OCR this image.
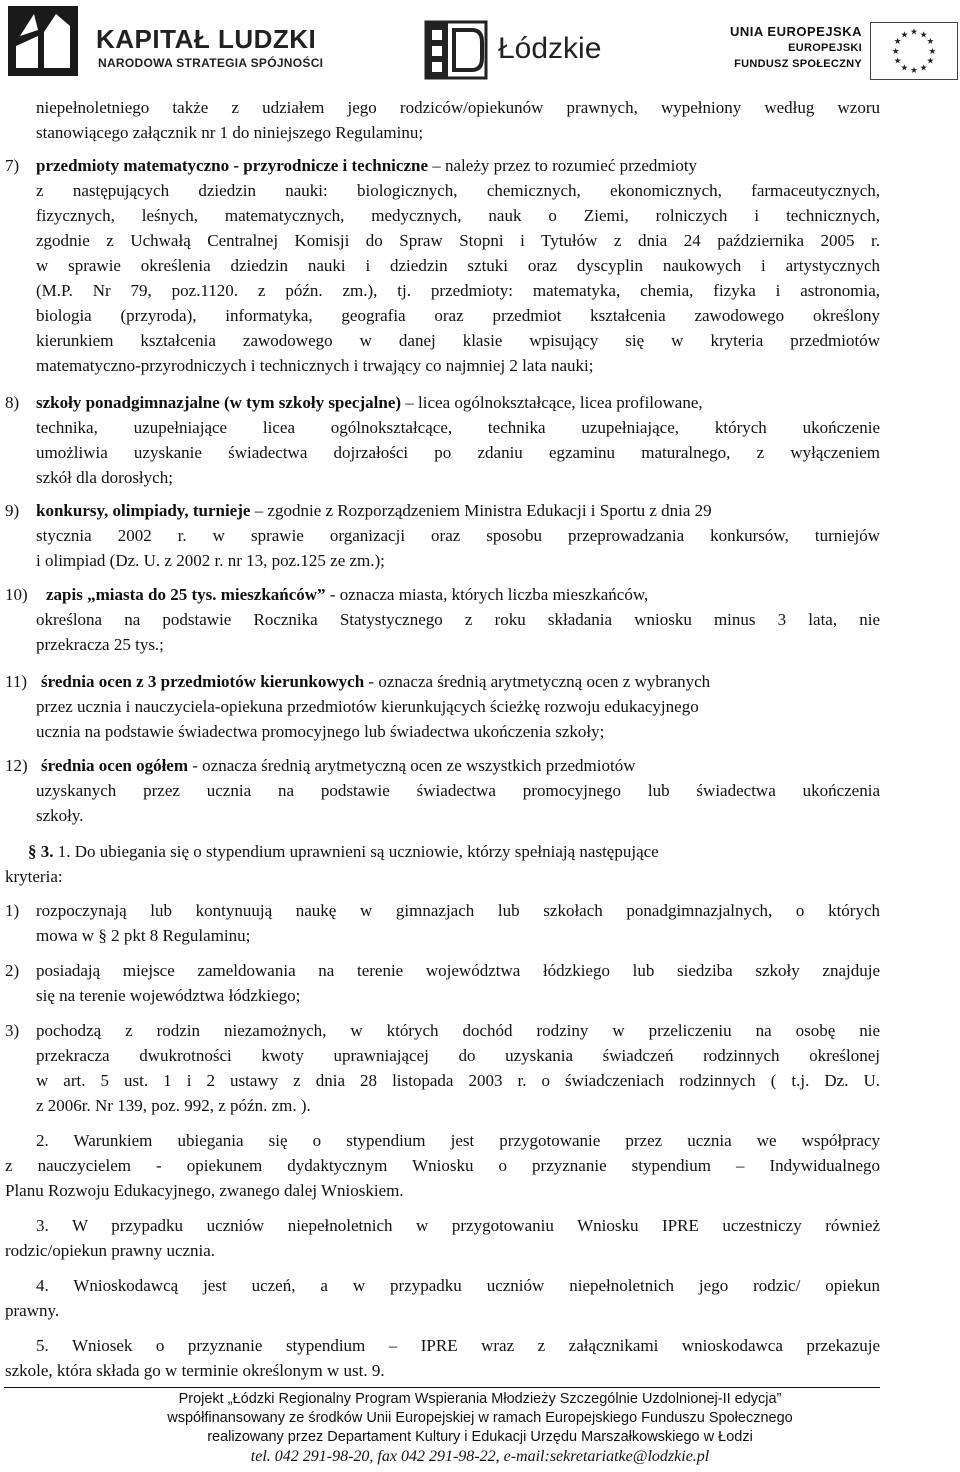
KAPITAŁ LUDZKI
NARODOWA STRATEGIA SPÓJNOŚCI	Łódzkie
UNIA EUROPEJSKA
EUROPEJSKI
FUNDUSZ SPOŁECZNY
★ ★
★
★
★
★
★
★
★
★
★
★
niepełnoletniego także z udziałem jego rodziców/opiekunów prawnych, wypełniony według wzoru
stanowiącego załącznik nr 1 do niniejszego Regulaminu;
7) przedmioty matematyczno - przyrodnicze i techniczne – należy przez to rozumieć przedmioty
z następujących dziedzin nauki: biologicznych, chemicznych, ekonomicznych, farmaceutycznych,
fizycznych, leśnych, matematycznych, medycznych, nauk o Ziemi, rolniczych i technicznych,
zgodnie z Uchwałą Centralnej Komisji do Spraw Stopni i Tytułów z dnia 24 października 2005 r.
w sprawie określenia dziedzin nauki i dziedzin sztuki oraz dyscyplin naukowych i artystycznych
(M.P. Nr 79, poz.1120. z późn. zm.), tj. przedmioty: matematyka, chemia, fizyka i astronomia,
biologia (przyroda), informatyka, geografia oraz przedmiot kształcenia zawodowego określony
kierunkiem kształcenia zawodowego w danej klasie wpisujący się w kryteria przedmiotów
matematyczno-przyrodniczych i technicznych i trwający co najmniej 2 lata nauki;
8) szkoły ponadgimnazjalne (w tym szkoły specjalne) – licea ogólnokształcące, licea profilowane,
technika, uzupełniające licea ogólnokształcące, technika uzupełniające, których ukończenie
umożliwia uzyskanie świadectwa dojrzałości po zdaniu egzaminu maturalnego, z wyłączeniem
szkół dla dorosłych;
9) konkursy, olimpiady, turnieje – zgodnie z Rozporządzeniem Ministra Edukacji i Sportu z dnia 29
stycznia 2002 r. w sprawie organizacji oraz sposobu przeprowadzania konkursów, turniejów
i olimpiad (Dz. U. z 2002 r. nr 13, poz.125 ze zm.);
10) zapis „miasta do 25 tys. mieszkańców” - oznacza miasta, których liczba mieszkańców,
określona na podstawie Rocznika Statystycznego z roku składania wniosku minus 3 lata, nie
przekracza 25 tys.;
11) średnia ocen z 3 przedmiotów kierunkowych - oznacza średnią arytmetyczną ocen z wybranych
przez ucznia i nauczyciela-opiekuna przedmiotów kierunkujących ścieżkę rozwoju edukacyjnego
ucznia na podstawie świadectwa promocyjnego lub świadectwa ukończenia szkoły;
12) średnia ocen ogółem - oznacza średnią arytmetyczną ocen ze wszystkich przedmiotów
uzyskanych przez ucznia na podstawie świadectwa promocyjnego lub świadectwa ukończenia
szkoły.
§ 3. 1. Do ubiegania się o stypendium uprawnieni są uczniowie, którzy spełniają następujące
kryteria:
1) rozpoczynają lub kontynuują naukę w gimnazjach lub szkołach ponadgimnazjalnych, o których
mowa w § 2 pkt 8 Regulaminu;
2) posiadają miejsce zameldowania na terenie województwa łódzkiego lub siedziba szkoły znajduje
się na terenie województwa łódzkiego;
3) pochodzą z rodzin niezamożnych, w których dochód rodziny w przeliczeniu na osobę nie
przekracza dwukrotności kwoty uprawniającej do uzyskania świadczeń rodzinnych określonej
w art. 5 ust. 1 i 2 ustawy z dnia 28 listopada 2003 r. o świadczeniach rodzinnych ( t.j. Dz. U.
z 2006r. Nr 139, poz. 992, z późn. zm. ).
2. Warunkiem ubiegania się o stypendium jest przygotowanie przez ucznia we współpracy
z nauczycielem - opiekunem dydaktycznym Wniosku o przyznanie stypendium – Indywidualnego
Planu Rozwoju Edukacyjnego, zwanego dalej Wnioskiem.
3. W przypadku uczniów niepełnoletnich w przygotowaniu Wniosku IPRE uczestniczy również
rodzic/opiekun prawny ucznia.
4. Wnioskodawcą jest uczeń, a w przypadku uczniów niepełnoletnich jego rodzic/ opiekun
prawny.
5. Wniosek o przyznanie stypendium – IPRE wraz z załącznikami wnioskodawca przekazuje
szkole, która składa go w terminie określonym w ust. 9.
Projekt „Łódzki Regionalny Program Wspierania Młodzieży Szczególnie Uzdolnionej-II edycja”
współfinansowany ze środków Unii Europejskiej w ramach Europejskiego Funduszu Społecznego
realizowany przez Departament Kultury i Edukacji Urzędu Marszałkowskiego w Łodzi
tel. 042 291-98-20, fax 042 291-98-22, e-mail:sekretariatke@lodzkie.pl
